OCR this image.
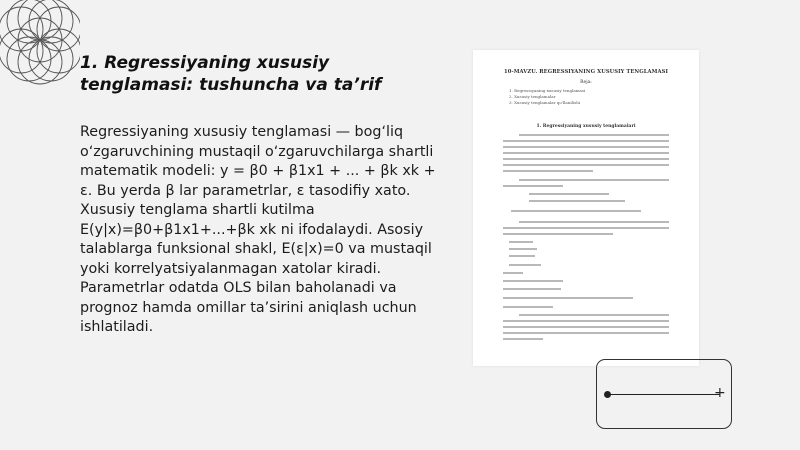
1. Regressiyaning xususiy tenglamasi: tushuncha va ta’rif

Regressiyaning xususiy tenglamasi — bog‘liq o‘zgaruvchining mustaqil o‘zgaruvchilarga shartli matematik modeli: y = β0 + β1x1 + ... + βk xk + ε. Bu yerda β lar parametrlar, ε tasodifiy xato. Xususiy tenglama shartli kutilma E(y|x)=β0+β1x1+...+βk xk ni ifodalaydi. Asosiy talablarga funksional shakl, E(ε|x)=0 va mustaqil yoki korrelyatsiyalanmagan xatolar kiradi. Parametrlar odatda OLS bilan baholanadi va prognoz hamda omillar ta’sirini aniqlash uchun ishlatiladi.

10-MAVZU. REGRESSIYANING XUSUSIY TENGLAMASI
Reja:
1. Regressiyaning xususiy tenglamasi
2. Xususiy tenglamalar
3. Xususiy tenglamalar qo'llanilishi
1. Regressiyaning xususiy tenglamalari
+
